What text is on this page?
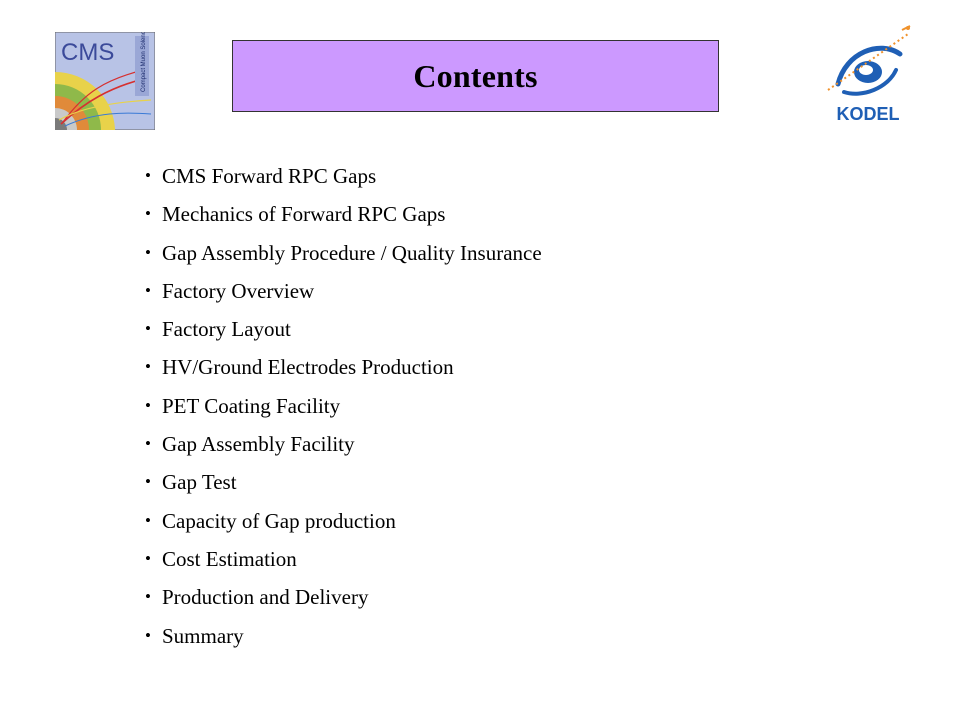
Compact Muon Solenoid
CMS
Contents
KODEL
• CMS Forward RPC Gaps
• Mechanics of Forward RPC Gaps
• Gap Assembly Procedure / Quality Insurance
• Factory Overview
• Factory Layout
• HV/Ground Electrodes Production
• PET Coating Facility
• Gap Assembly Facility
• Gap Test
• Capacity of Gap production
• Cost Estimation
• Production and Delivery
• Summary
